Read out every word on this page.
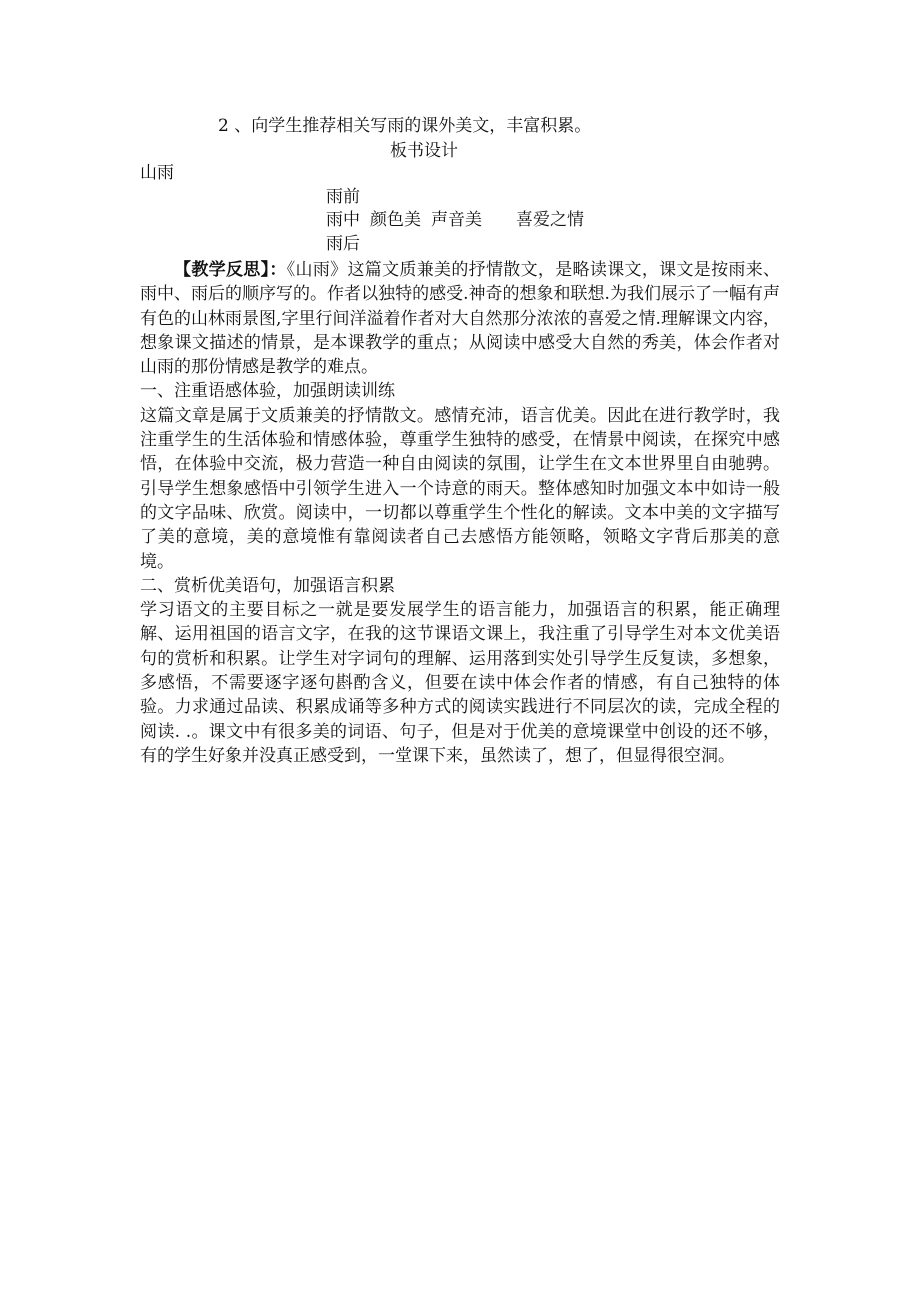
2 、向学生推荐相关写雨的课外美文，丰富积累。
板书设计
山雨
雨前
雨中 颜色美 声音美 喜爱之情
雨后

【教学反思】：《山雨》这篇文质兼美的抒情散文，是略读课文，课文是按雨来、雨中、雨后的顺序写的。作者以独特的感受.神奇的想象和联想.为我们展示了一幅有声有色的山林雨景图,字里行间洋溢着作者对大自然那分浓浓的喜爱之情.理解课文内容，想象课文描述的情景，是本课教学的重点；从阅读中感受大自然的秀美，体会作者对山雨的那份情感是教学的难点。

一、注重语感体验，加强朗读训练

这篇文章是属于文质兼美的抒情散文。感情充沛，语言优美。因此在进行教学时，我注重学生的生活体验和情感体验，尊重学生独特的感受，在情景中阅读，在探究中感悟，在体验中交流，极力营造一种自由阅读的氛围，让学生在文本世界里自由驰骋。引导学生想象感悟中引领学生进入一个诗意的雨天。整体感知时加强文本中如诗一般的文字品味、欣赏。阅读中，一切都以尊重学生个性化的解读。文本中美的文字描写了美的意境，美的意境惟有靠阅读者自己去感悟方能领略，领略文字背后那美的意境。

二、赏析优美语句，加强语言积累

学习语文的主要目标之一就是要发展学生的语言能力，加强语言的积累，能正确理解、运用祖国的语言文字，在我的这节课语文课上，我注重了引导学生对本文优美语句的赏析和积累。让学生对字词句的理解、运用落到实处引导学生反复读，多想象，多感悟，不需要逐字逐句斟酌含义，但要在读中体会作者的情感，有自己独特的体验。力求通过品读、积累成诵等多种方式的阅读实践进行不同层次的读，完成全程的阅读. .。课文中有很多美的词语、句子，但是对于优美的意境课堂中创设的还不够，有的学生好象并没真正感受到，一堂课下来，虽然读了，想了，但显得很空洞。
